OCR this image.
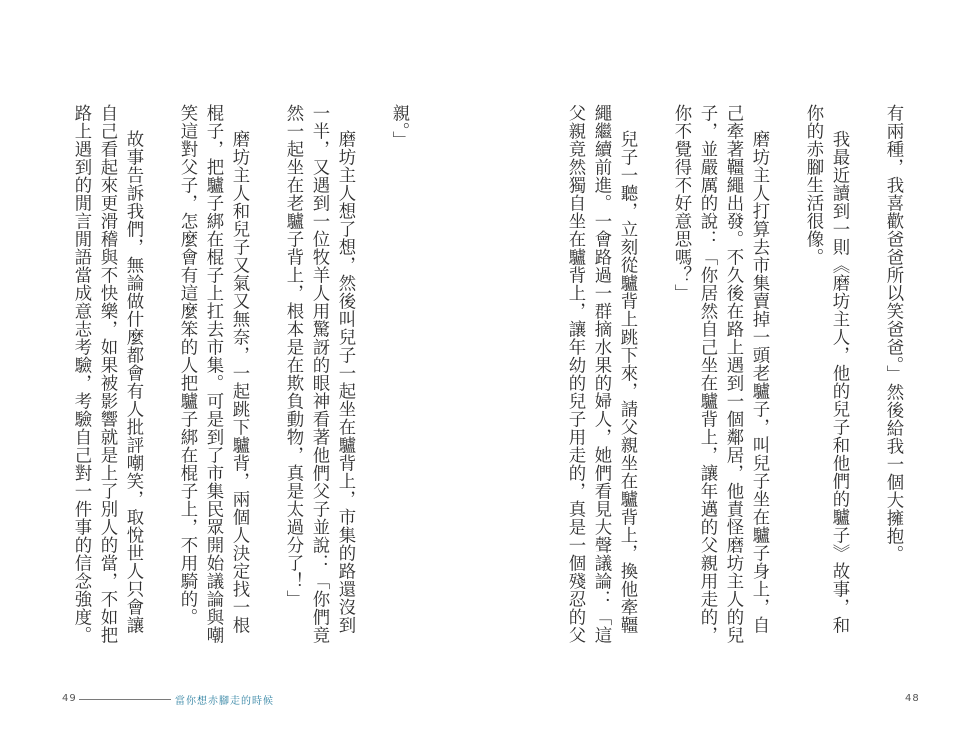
親。」
磨坊主人想了想，然後叫兒子一起坐在驢背上，市集的路還沒到
一半，又遇到一位牧羊人用驚訝的眼神看著他們父子並說：「你們竟
然一起坐在老驢子背上，根本是在欺負動物，真是太過分了！」
磨坊主人和兒子又氣又無奈，一起跳下驢背，兩個人決定找一根
棍子，把驢子綁在棍子上扛去市集。可是到了市集民眾開始議論與嘲
笑這對父子，怎麼會有這麼笨的人把驢子綁在棍子上，不用騎的。
故事告訴我們，無論做什麼都會有人批評嘲笑，取悅世人只會讓
自己看起來更滑稽與不快樂，如果被影響就是上了別人的當，不如把
路上遇到的閒言閒語當成意志考驗，考驗自己對一件事的信念強度。	有兩種，我喜歡爸爸所以笑爸爸。」然後給我一個大擁抱。
我最近讀到一則《磨坊主人，他的兒子和他們的驢子》故事，和
你的赤腳生活很像。
磨坊主人打算去市集賣掉一頭老驢子，叫兒子坐在驢子身上，自
己牽著韁繩出發。不久後在路上遇到一個鄰居，他責怪磨坊主人的兒
子，並嚴厲的說：「你居然自己坐在驢背上，讓年邁的父親用走的，
你不覺得不好意思嗎？」
兒子一聽，立刻從驢背上跳下來，請父親坐在驢背上，換他牽韁
繩繼續前進。一會路過一群摘水果的婦人，她們看見大聲議論：「這
父親竟然獨自坐在驢背上，讓年幼的兒子用走的，真是一個殘忍的父
49	當你想赤腳走的時候	48
